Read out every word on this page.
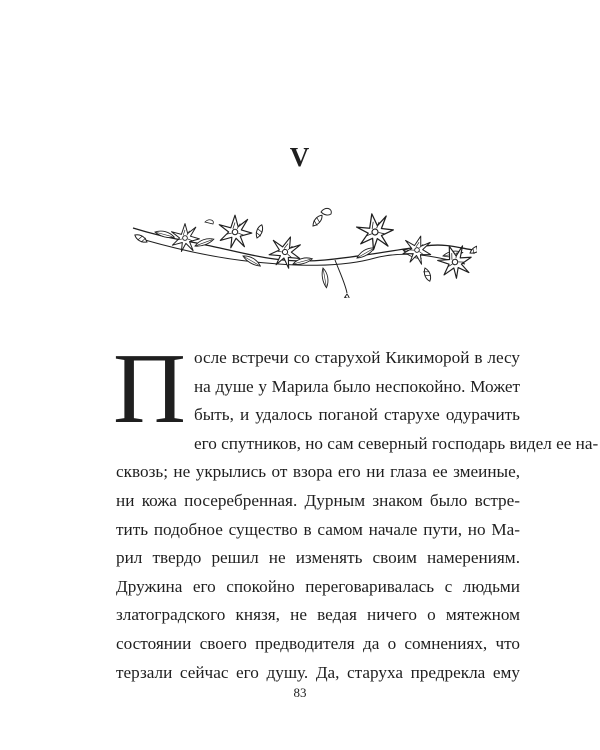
V
П осле встречи со старухой Кикиморой в лесу
на душе у Марила было неспокойно. Может
быть, и удалось поганой старухе одурачить
его спутников, но сам северный господарь видел ее на-
сквозь; не укрылись от взора его ни глаза ее змеиные,
ни кожа посеребренная. Дурным знаком было встре-
тить подобное существо в самом начале пути, но Ма-
рил твердо решил не изменять своим намерениям.
Дружина его спокойно переговаривалась с людьми
златоградского князя, не ведая ничего о мятежном
состоянии своего предводителя да о сомнениях, что
терзали сейчас его душу. Да, старуха предрекла ему
83
